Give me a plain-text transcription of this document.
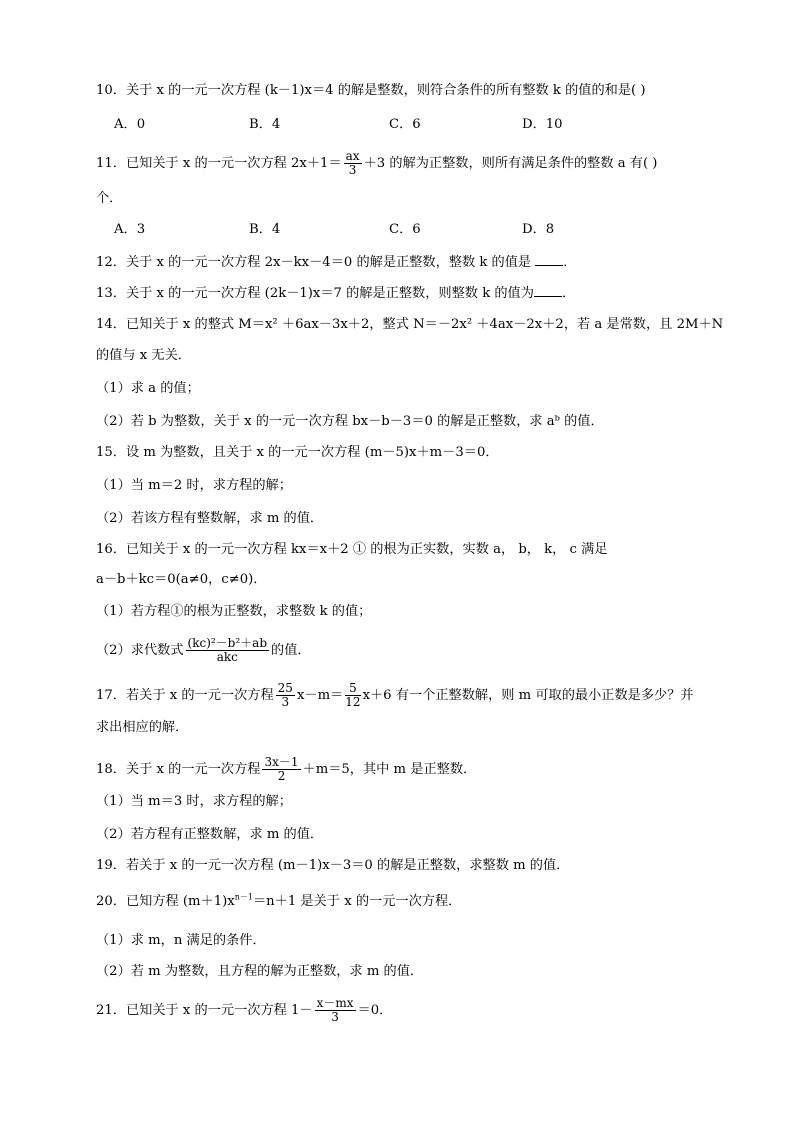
10．关于 x 的一元一次方程 (k－1)x＝4 的解是整数，则符合条件的所有整数 k 的值的和是( )
A．0	B．4	C．6	D．10
11．已知关于 x 的一元一次方程 $2x+1= \frac{ax}{3} +3$ 的解为正整数，则所有满足条件的整数 a 有( )
个．
A．3	B．4	C．6	D．8
12．关于 x 的一元一次方程 2x－kx－4＝0 的解是正整数，整数 k 的值是 ．
13．关于 x 的一元一次方程 (2k－1)x＝7 的解是正整数，则整数 k 的值为 ．
14．已知关于 x 的整式 M＝x² ＋6ax－3x＋2，整式 N＝－2x² ＋4ax－2x＋2，若 a 是常数，且 2M＋N
的值与 x 无关．
（1）求 a 的值；
（2）若 b 为整数，关于 x 的一元一次方程 bx－b－3＝0 的解是正整数，求 aᵇ 的值．
15．设 m 为整数，且关于 x 的一元一次方程 (m－5)x＋m－3＝0．
（1）当 m＝2 时，求方程的解；
（2）若该方程有整数解，求 m 的值．
16．已知关于 x 的一元一次方程 kx＝x＋2 ① 的根为正实数，实数 a， b， k， c 满足
a－b＋kc＝0(a≠0，c≠0)．
（1）若方程①的根为正整数，求整数 k 的值；
（2）求代数式 $\frac{\text{(kc)²－b²＋ab}}{\text{akc}}$ 的值．
17．若关于 x 的一元一次方程 $\frac{25}{3} x-m= \frac{5}{12} x+6$ 有一个正整数解，则 m 可取的最小正数是多少？并
求出相应的解．
18．关于 x 的一元一次方程 $\frac{3x-1}{2} +m=5$，其中 m 是正整数．
（1）当 m＝3 时，求方程的解；
（2）若方程有正整数解，求 m 的值．
19．若关于 x 的一元一次方程 (m－1)x－3＝0 的解是正整数，求整数 m 的值．
20．已知方程 $(m+1)x^{n-1}=n+1$ 是关于 x 的一元一次方程．
（1）求 m，n 满足的条件．
（2）若 m 为整数，且方程的解为正整数，求 m 的值．
21．已知关于 x 的一元一次方程 $1- \frac{x-mx}{3} =0$．
